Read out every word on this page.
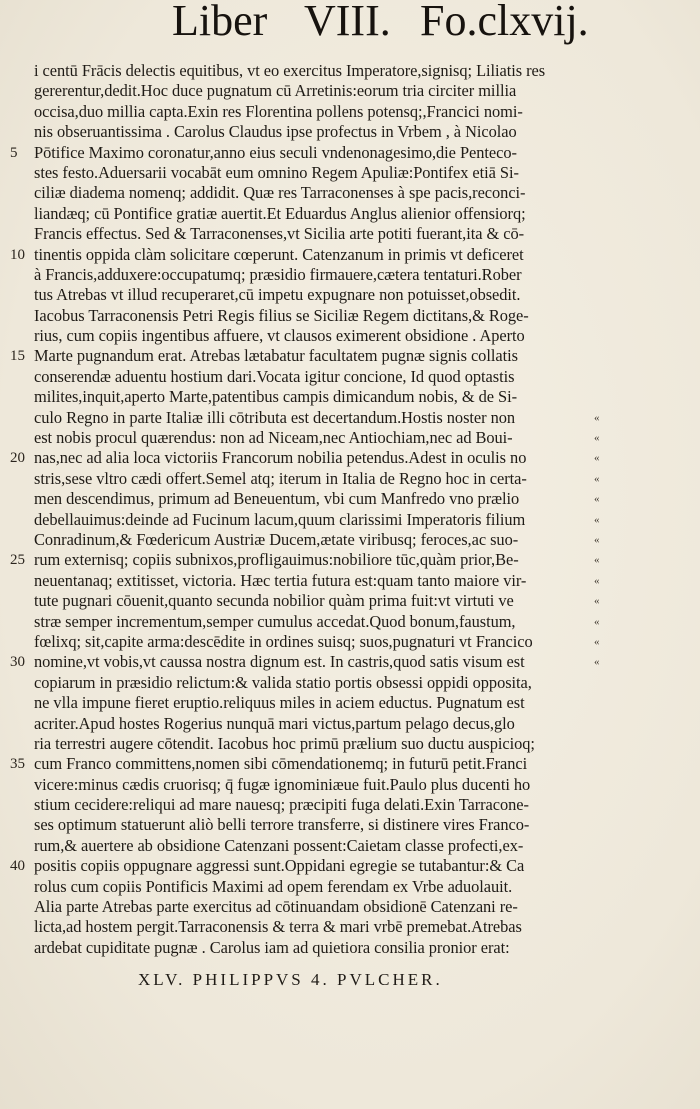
Liber VIII. Fo.clxvij.
i centū Frācis delectis equitibus, vt eo exercitus Imperatore,signisq; Liliatis res
gererentur,dedit.Hoc duce pugnatum cū Arretinis:eorum tria circiter millia
occisa,duo millia capta.Exin res Florentina pollens potensq;,Francici nomi-
nis obseruantissima . Carolus Claudus ipse profectus in Vrbem , à Nicolao
5	Pōtifice Maximo coronatur,anno eius seculi vndenonagesimo,die Penteco-
stes festo.Aduersarii vocabāt eum omnino Regem Apuliæ:Pontifex etiā Si-
ciliæ diadema nomenq; addidit. Quæ res Tarraconenses à spe pacis,reconci-
liandæq; cū Pontifice gratiæ auertit.Et Eduardus Anglus alienior offensiorq;
Francis effectus. Sed & Tarraconenses,vt Sicilia arte potiti fuerant,ita & cō-
10 tinentis oppida clàm solicitare cœperunt. Catenzanum in primis vt deficeret
à Francis,adduxere:occupatumq; præsidio firmauere,cætera tentaturi.Rober
tus Atrebas vt illud recuperaret,cū impetu expugnare non potuisset,obsedit.
Iacobus Tarraconensis Petri Regis filius se Siciliæ Regem dictitans,& Roge-
rius, cum copiis ingentibus affuere, vt clausos eximerent obsidione . Aperto
15 Marte pugnandum erat. Atrebas lætabatur facultatem pugnæ signis collatis
conserendæ aduentu hostium dari.Vocata igitur concione, Id quod optastis
milites,inquit,aperto Marte,patentibus campis dimicandum nobis, & de Si-
culo Regno in parte Italiæ illi cōtributa est decertandum.Hostis noster non	«
est nobis procul quærendus: non ad Niceam,nec Antiochiam,nec ad Boui-	«
20 nas,nec ad alia loca victoriis Francorum nobilia petendus.Adest in oculis no	«
stris,sese vltro cædi offert.Semel atq; iterum in Italia de Regno hoc in certa-	«
men descendimus, primum ad Beneuentum, vbi cum Manfredo vno prælio	«
debellauimus:deinde ad Fucinum lacum,quum clarissimi Imperatoris filium	«
Conradinum,& Fœdericum Austriæ Ducem,ætate viribusq; feroces,ac suo-	«
25 rum externisq; copiis subnixos,profligauimus:nobiliore tūc,quàm prior,Be-	«
neuentanaq; extitisset, victoria. Hæc tertia futura est:quam tanto maiore vir-	«
tute pugnari cōuenit,quanto secunda nobilior quàm prima fuit:vt virtuti ve	«
stræ semper incrementum,semper cumulus accedat.Quod bonum,faustum,	«
fœlixq; sit,capite arma:descēdite in ordines suisq; suos,pugnaturi vt Francico	«
30 nomine,vt vobis,vt caussa nostra dignum est. In castris,quod satis visum est	«
copiarum in præsidio relictum:& valida statio portis obsessi oppidi opposita,
ne vlla impune fieret eruptio.reliquus miles in aciem eductus. Pugnatum est
acriter.Apud hostes Rogerius nunquā mari victus,partum pelago decus,glo
ria terrestri augere cōtendit. Iacobus hoc primū prælium suo ductu auspicioq;
35 cum Franco committens,nomen sibi cōmendationemq; in futurū petit.Franci
vicere:minus cædis cruorisq; q̄ fugæ ignominiæue fuit.Paulo plus ducenti ho
stium cecidere:reliqui ad mare nauesq; præcipiti fuga delati.Exin Tarracone-
ses optimum statuerunt aliò belli terrore transferre, si distinere vires Franco-
rum,& auertere ab obsidione Catenzani possent:Caietam classe profecti,ex-
40 positis copiis oppugnare aggressi sunt.Oppidani egregie se tutabantur:& Ca
rolus cum copiis Pontificis Maximi ad opem ferendam ex Vrbe aduolauit.
Alia parte Atrebas parte exercitus ad cōtinuandam obsidionē Catenzani re-
licta,ad hostem pergit.Tarraconensis & terra & mari vrbē premebat.Atrebas
ardebat cupiditate pugnæ . Carolus iam ad quietiora consilia pronior erat:
XLV. PHILIPPVS 4. PVLCHER.
